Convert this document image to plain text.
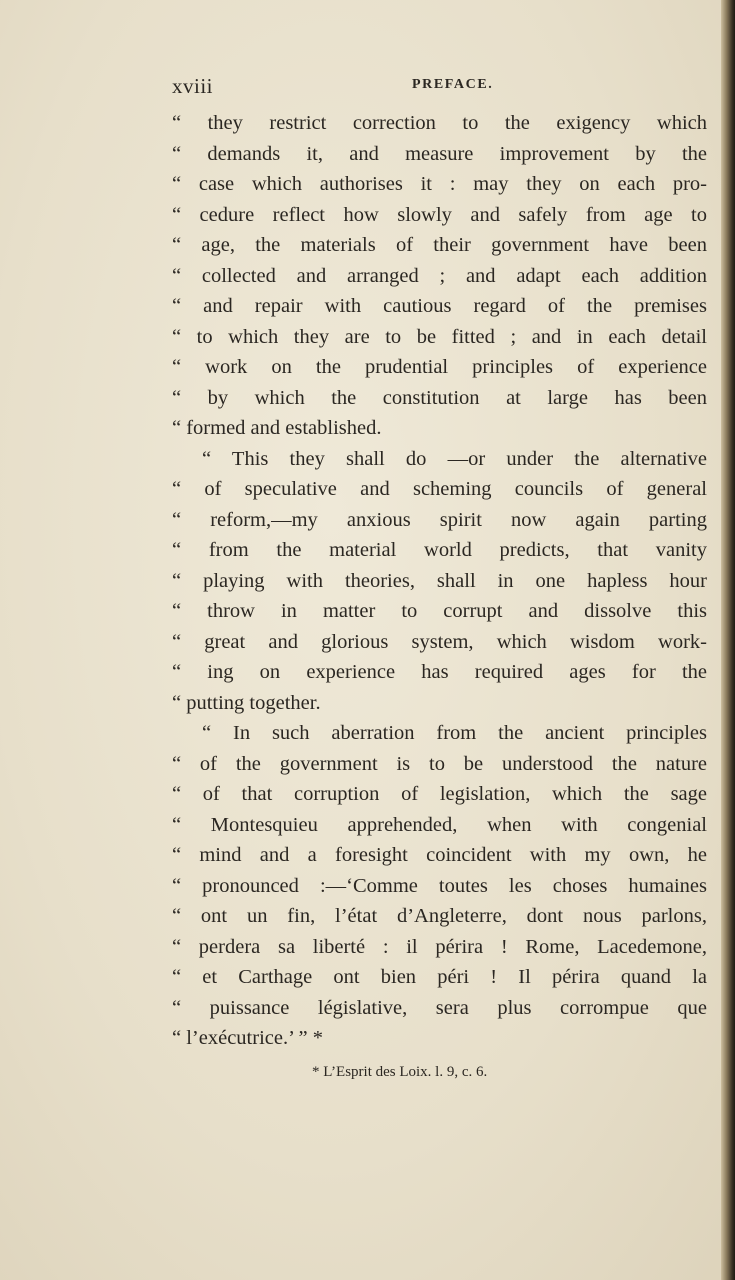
xviii	PREFACE.
“ they restrict correction to the exigency which
“ demands it, and measure improvement by the
“ case which authorises it : may they on each pro-
“ cedure reflect how slowly and safely from age to
“ age, the materials of their government have been
“ collected and arranged ; and adapt each addition
“ and repair with cautious regard of the premises
“ to which they are to be fitted ; and in each detail
“ work on the prudential principles of experience
“ by which the constitution at large has been
“ formed and established.
“ This they shall do —or under the alternative
“ of speculative and scheming councils of general
“ reform,—my anxious spirit now again parting
“ from the material world predicts, that vanity
“ playing with theories, shall in one hapless hour
“ throw in matter to corrupt and dissolve this
“ great and glorious system, which wisdom work-
“ ing on experience has required ages for the
“ putting together.
“ In such aberration from the ancient principles
“ of the government is to be understood the nature
“ of that corruption of legislation, which the sage
“ Montesquieu apprehended, when with congenial
“ mind and a foresight coincident with my own, he
“ pronounced :—‘Comme toutes les choses humaines
“ ont un fin, l’état d’Angleterre, dont nous parlons,
“ perdera sa liberté : il périra ! Rome, Lacedemone,
“ et Carthage ont bien péri ! Il périra quand la
“ puissance législative, sera plus corrompue que
“ l’exécutrice.’ ” *
* L’Esprit des Loix. l. 9, c. 6.
